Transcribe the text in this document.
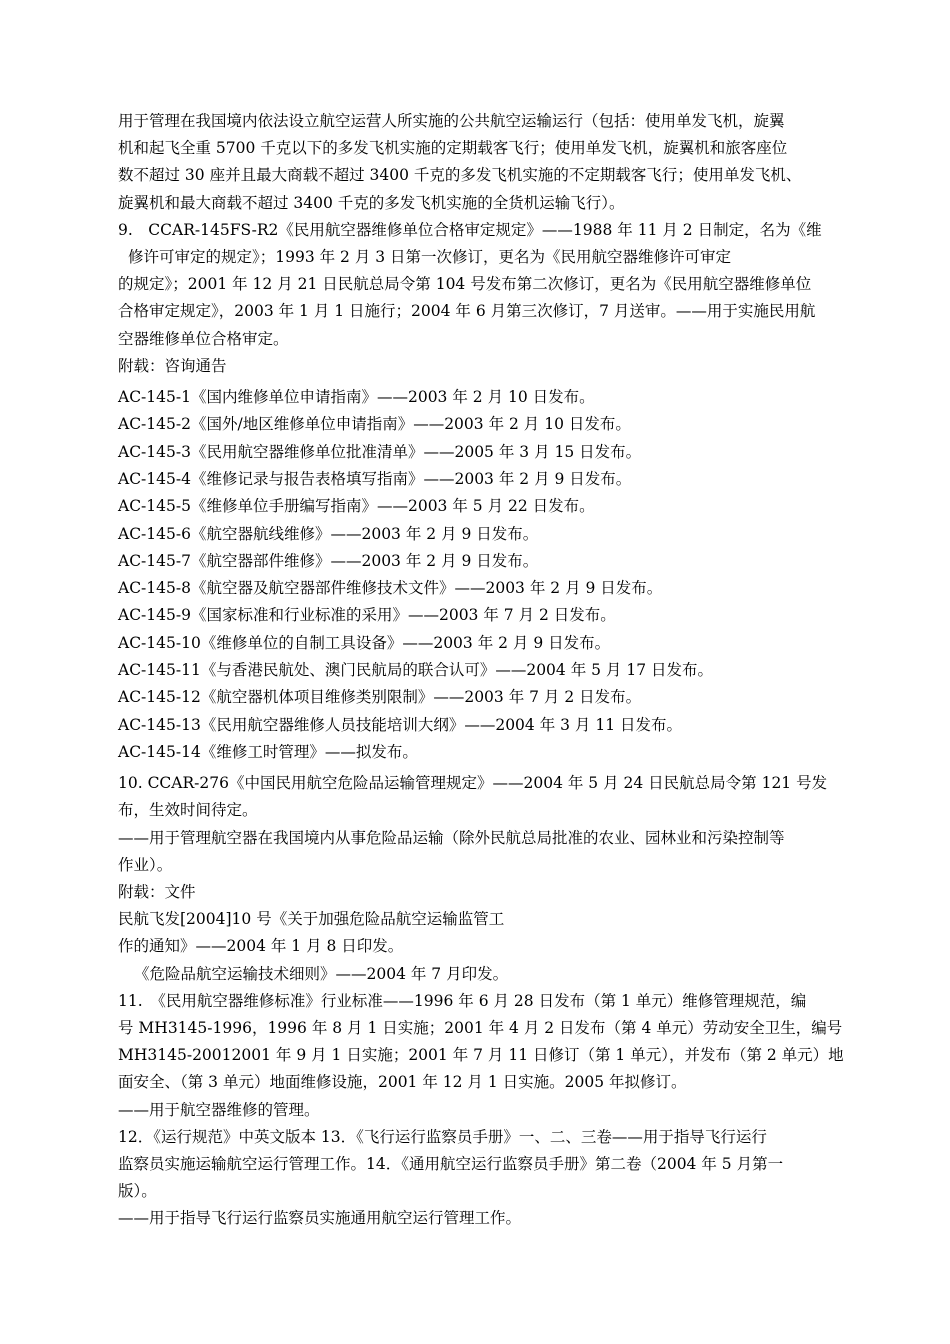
用于管理在我国境内依法设立航空运营人所实施的公共航空运输运行（包括：使用单发飞机，旋翼

机和起飞全重 5700 千克以下的多发飞机实施的定期载客飞行；使用单发飞机，旋翼机和旅客座位

数不超过 30 座并且最大商载不超过 3400 千克的多发飞机实施的不定期载客飞行；使用单发飞机、

旋翼机和最大商载不超过 3400 千克的多发飞机实施的全货机运输飞行）。

9.　CCAR-145FS-R2《民用航空器维修单位合格审定规定》——1988 年 11 月 2 日制定，名为《维

修许可审定的规定》；1993 年 2 月 3 日第一次修订，更名为《民用航空器维修许可审定

的规定》；2001 年 12 月 21 日民航总局令第 104 号发布第二次修订，更名为《民用航空器维修单位

合格审定规定》，2003 年 1 月 1 日施行；2004 年 6 月第三次修订，7 月送审。——用于实施民用航

空器维修单位合格审定。

附载：咨询通告

AC-145-1《国内维修单位申请指南》——2003 年 2 月 10 日发布。

AC-145-2《国外/地区维修单位申请指南》——2003 年 2 月 10 日发布。

AC-145-3《民用航空器维修单位批准清单》——2005 年 3 月 15 日发布。

AC-145-4《维修记录与报告表格填写指南》——2003 年 2 月 9 日发布。

AC-145-5《维修单位手册编写指南》——2003 年 5 月 22 日发布。

AC-145-6《航空器航线维修》——2003 年 2 月 9 日发布。

AC-145-7《航空器部件维修》——2003 年 2 月 9 日发布。

AC-145-8《航空器及航空器部件维修技术文件》——2003 年 2 月 9 日发布。

AC-145-9《国家标准和行业标准的采用》——2003 年 7 月 2 日发布。

AC-145-10《维修单位的自制工具设备》——2003 年 2 月 9 日发布。

AC-145-11《与香港民航处、澳门民航局的联合认可》——2004 年 5 月 17 日发布。

AC-145-12《航空器机体项目维修类别限制》——2003 年 7 月 2 日发布。

AC-145-13《民用航空器维修人员技能培训大纲》——2004 年 3 月 11 日发布。

AC-145-14《维修工时管理》——拟发布。

10. CCAR-276《中国民用航空危险品运输管理规定》——2004 年 5 月 24 日民航总局令第 121 号发

布，生效时间待定。

——用于管理航空器在我国境内从事危险品运输（除外民航总局批准的农业、园林业和污染控制等

作业）。

附载：文件

民航飞发[2004]10 号《关于加强危险品航空运输监管工

作的通知》——2004 年 1 月 8 日印发。

《危险品航空运输技术细则》——2004 年 7 月印发。

11.　《民用航空器维修标准》行业标准——1996 年 6 月 28 日发布（第 1 单元）维修管理规范，编

号 MH3145-1996，1996 年 8 月 1 日实施；2001 年 4 月 2 日发布（第 4 单元）劳动安全卫生，编号

MH3145-20012001 年 9 月 1 日实施；2001 年 7 月 11 日修订（第 1 单元），并发布（第 2 单元）地

面安全、（第 3 单元）地面维修设施，2001 年 12 月 1 日实施。2005 年拟修订。

——用于航空器维修的管理。

12．《运行规范》中英文版本 13．《飞行运行监察员手册》一、二、三卷——用于指导飞行运行

监察员实施运输航空运行管理工作。14．《通用航空运行监察员手册》第二卷（2004 年 5 月第一

版）。

——用于指导飞行运行监察员实施通用航空运行管理工作。
